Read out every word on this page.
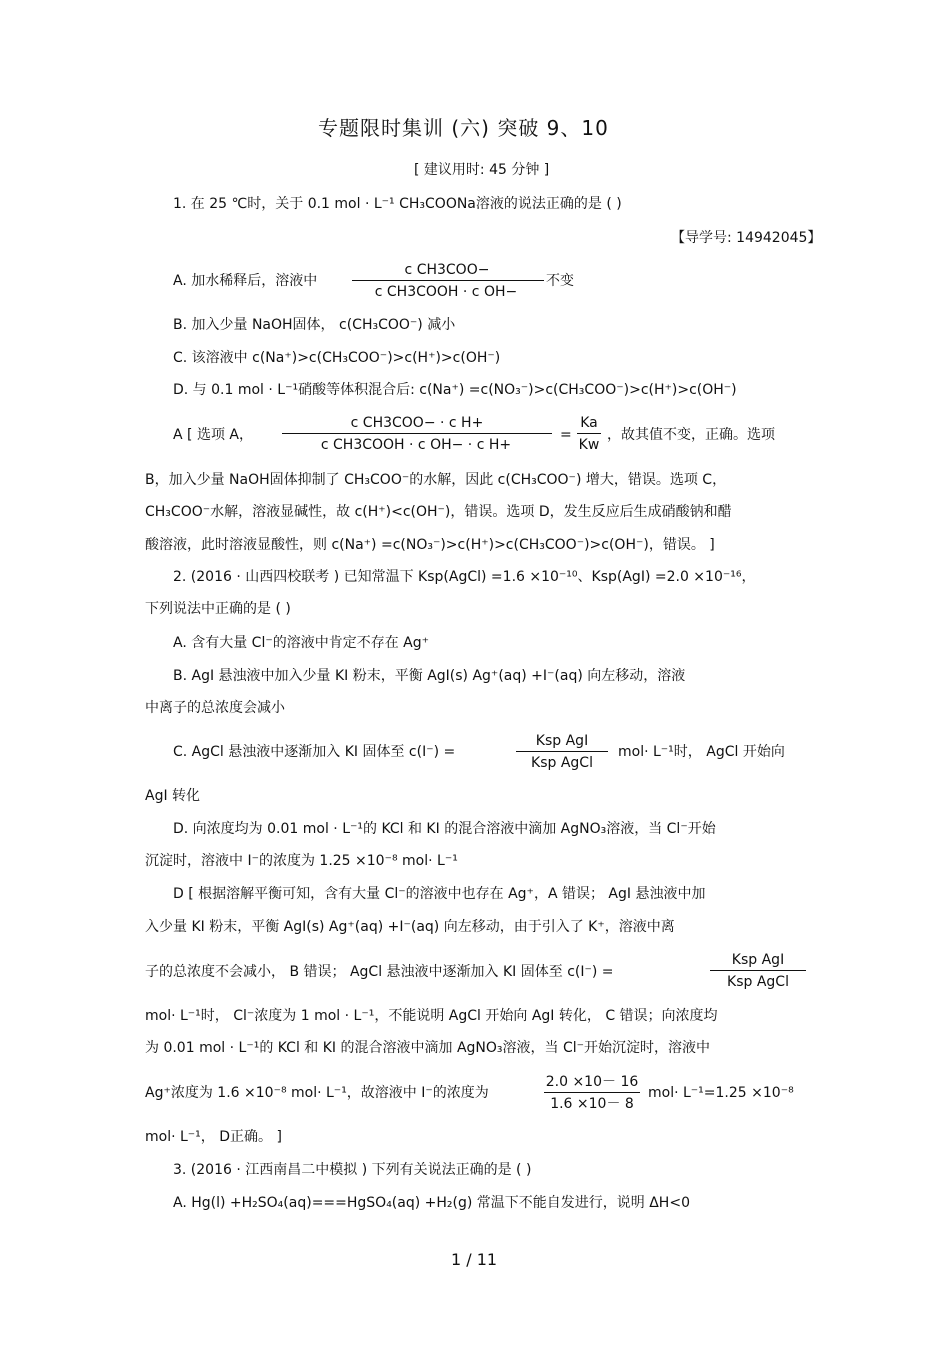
专题限时集训 (六) 突破 9、10
[ 建议用时: 45 分钟 ]
1. 在 25 ℃时，关于 0.1 mol · L⁻¹ CH₃COONa溶液的说法正确的是 ( )
【导学号: 14942045】
A. 加水稀释后，溶液中
c CH3COO−
c CH3COOH · c OH−
不变
B. 加入少量 NaOH固体， c(CH₃COO⁻) 减小
C. 该溶液中 c(Na⁺)>c(CH₃COO⁻)>c(H⁺)>c(OH⁻)
D. 与 0.1 mol · L⁻¹硝酸等体积混合后: c(Na⁺) =c(NO₃⁻)>c(CH₃COO⁻)>c(H⁺)>c(OH⁻)
A [ 选项 A，
c CH3COO− · c H+
c CH3COOH · c OH− · c H+
=
Ka
Kw
，故其值不变，正确。选项
B，加入少量 NaOH固体抑制了 CH₃COO⁻的水解，因此 c(CH₃COO⁻) 增大，错误。选项 C，
CH₃COO⁻水解，溶液显碱性，故 c(H⁺)<c(OH⁻)，错误。选项 D，发生反应后生成硝酸钠和醋
酸溶液，此时溶液显酸性，则 c(Na⁺) =c(NO₃⁻)>c(H⁺)>c(CH₃COO⁻)>c(OH⁻)，错误。 ]
2. (2016 · 山西四校联考 ) 已知常温下 Ksp(AgCl) =1.6 ×10⁻¹⁰、Ksp(AgI) =2.0 ×10⁻¹⁶，
下列说法中正确的是 ( )
A. 含有大量 Cl⁻的溶液中肯定不存在 Ag⁺
B. AgI 悬浊液中加入少量 KI 粉末，平衡 AgI(s) Ag⁺(aq) +I⁻(aq) 向左移动，溶液
中离子的总浓度会减小
C. AgCl 悬浊液中逐渐加入 KI 固体至 c(I⁻) =
Ksp AgI
Ksp AgCl
mol· L⁻¹时， AgCl 开始向
AgI 转化
D. 向浓度均为 0.01 mol · L⁻¹的 KCl 和 KI 的混合溶液中滴加 AgNO₃溶液，当 Cl⁻开始
沉淀时，溶液中 I⁻的浓度为 1.25 ×10⁻⁸ mol· L⁻¹
D [ 根据溶解平衡可知，含有大量 Cl⁻的溶液中也存在 Ag⁺，A 错误； AgI 悬浊液中加
入少量 KI 粉末，平衡 AgI(s) Ag⁺(aq) +I⁻(aq) 向左移动，由于引入了 K⁺，溶液中离
子的总浓度不会减小， B 错误； AgCl 悬浊液中逐渐加入 KI 固体至 c(I⁻) =
Ksp AgI
Ksp AgCl
mol· L⁻¹时， Cl⁻浓度为 1 mol · L⁻¹，不能说明 AgCl 开始向 AgI 转化， C 错误；向浓度均
为 0.01 mol · L⁻¹的 KCl 和 KI 的混合溶液中滴加 AgNO₃溶液，当 Cl⁻开始沉淀时，溶液中
Ag⁺浓度为 1.6 ×10⁻⁸ mol· L⁻¹，故溶液中 I⁻的浓度为
2.0 ×10－ 16
1.6 ×10－ 8
mol· L⁻¹=1.25 ×10⁻⁸
mol· L⁻¹， D正确。 ]
3. (2016 · 江西南昌二中模拟 ) 下列有关说法正确的是 ( )
A. Hg(l) +H₂SO₄(aq)===HgSO₄(aq) +H₂(g) 常温下不能自发进行，说明 ΔH<0
1 / 11
